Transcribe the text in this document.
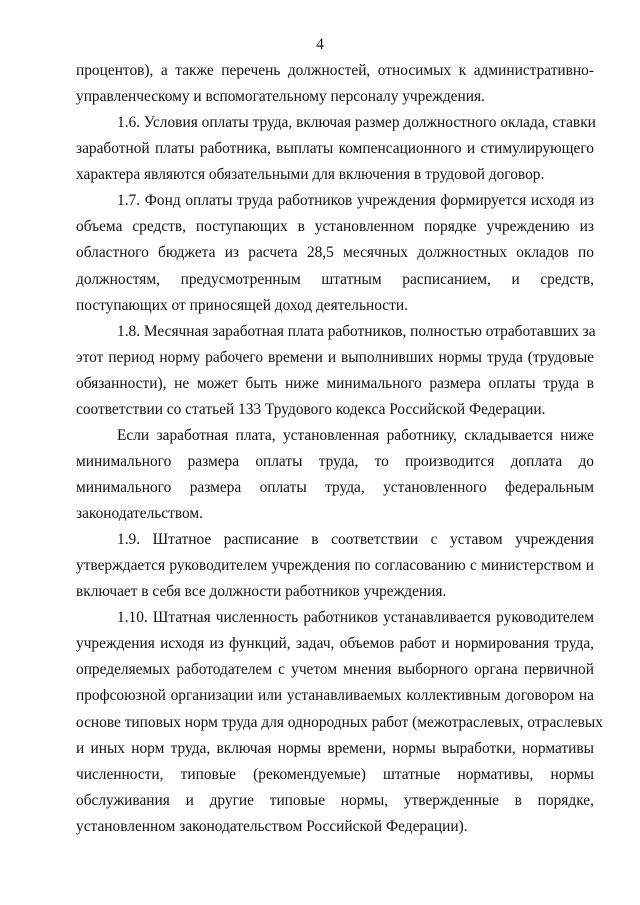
4
процентов), а также перечень должностей, относимых к административно-
управленческому и вспомогательному персоналу учреждения.
1.6. Условия оплаты труда, включая размер должностного оклада, ставки
заработной платы работника, выплаты компенсационного и стимулирующего
характера являются обязательными для включения в трудовой договор.
1.7. Фонд оплаты труда работников учреждения формируется исходя из
объема средств, поступающих в установленном порядке учреждению из
областного бюджета из расчета 28,5 месячных должностных окладов по
должностям, предусмотренным штатным расписанием, и средств,
поступающих от приносящей доход деятельности.
1.8. Месячная заработная плата работников, полностью отработавших за
этот период норму рабочего времени и выполнивших нормы труда (трудовые
обязанности), не может быть ниже минимального размера оплаты труда в
соответствии со статьей 133 Трудового кодекса Российской Федерации.
Если заработная плата, установленная работнику, складывается ниже
минимального размера оплаты труда, то производится доплата до
минимального размера оплаты труда, установленного федеральным
законодательством.
1.9. Штатное расписание в соответствии с уставом учреждения
утверждается руководителем учреждения по согласованию с министерством и
включает в себя все должности работников учреждения.
1.10. Штатная численность работников устанавливается руководителем
учреждения исходя из функций, задач, объемов работ и нормирования труда,
определяемых работодателем с учетом мнения выборного органа первичной
профсоюзной организации или устанавливаемых коллективным договором на
основе типовых норм труда для однородных работ (межотраслевых, отраслевых
и иных норм труда, включая нормы времени, нормы выработки, нормативы
численности, типовые (рекомендуемые) штатные нормативы, нормы
обслуживания и другие типовые нормы, утвержденные в порядке,
установленном законодательством Российской Федерации).
